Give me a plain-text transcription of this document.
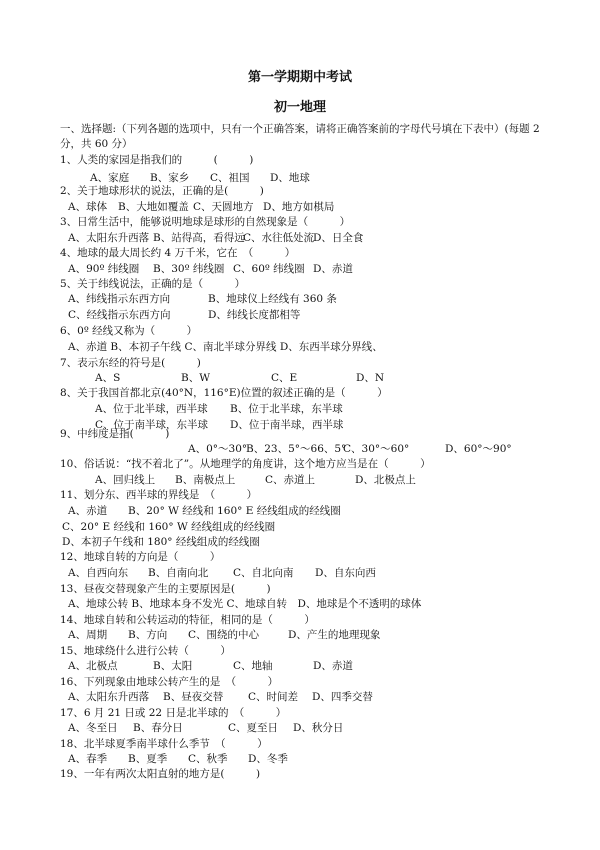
第一学期期中考试
初一地理
一、选择题:（下列各题的选项中，只有一个正确答案，请将正确答案前的字母代号填在下表中）(每题 2 分，共 60 分）
1、人类的家园是指我们的　　　(　　　)
A、家庭 B、家乡 C、祖国 D、地球
2、关于地球形状的说法，正确的是(　　　)
A、球体 B、大地如覆盖 C、天圆地方 D、地方如棋局
3、日常生活中，能够说明地球是球形的自然现象是（　　　）
A、太阳东升西落 B、站得高，看得远
C、水往低处流
D、日全食
4、地球的最大周长约 4 万千米，它在　（　　　）
A、90º 纬线圈 B、30º 纬线圈 C、60º 纬线圈 D、赤道
5、关于纬线说法，正确的是（　　　）
A、纬线指示东西方向	B、地球仪上经线有 360 条
C、经线指示东西方向	D、纬线长度都相等
6、0º 经线又称为（　　　）
A、赤道 B、本初子午线 C、南北半球分界线 D、东西半球分界线、
7、表示东经的符号是(　　　)
A、S	B、W	C、E	D、N
8、关于我国首都北京(40°N，116°E)位置的叙述正确的是（　　　）
A、位于北半球，西半球 B、位于北半球，东半球
C、位于南半球，东半球 D、位于南半球，西半球
9、中纬度是指(　　　)
A、0°～30°
B、23、5°～66、5°
C、30°～60°	D、60°～90°
10、俗话说：“找不着北了”。从地理学的角度讲，这个地方应当是在（　　　）
A、回归线上 B、南极点上	C、赤道上	D、北极点上
11、划分东、西半球的界线是　（　　　）
A、赤道 B、20° W 经线和 160° E 经线组成的经线圈
C、20° E 经线和 160° W 经线组成的经线圈
D、本初子午线和 180° 经线组成的经线圈
12、地球自转的方向是（　　　）
A、自西向东 B、自南向北 C、自北向南 D、自东向西
13、昼夜交替现象产生的主要原因是(　　　)
A、地球公转 B、地球本身不发光 C、地球自转　D、地球是个不透明的球体
14、地球自转和公转运动的特征，相同的是（　　　）
A、周期 B、方向 C、围绕的中心	D、产生的地理现象
15、地球绕什么进行公转（　　　）
A、北极点	B、太阳	C、地轴	D、赤道
16、下列现象由地球公转产生的是　（　　　）
A、太阳东升西落 B、昼夜交替 C、时间差 D、四季交替
17、6 月 21 日或 22 日是北半球的　（　　　）
A、冬至日 B、春分日	C、夏至日 D、秋分日
18、北半球夏季南半球什么季节　（　　　）
A、春季 B、夏季 C、秋季 D、冬季
19、一年有两次太阳直射的地方是(　　　)
